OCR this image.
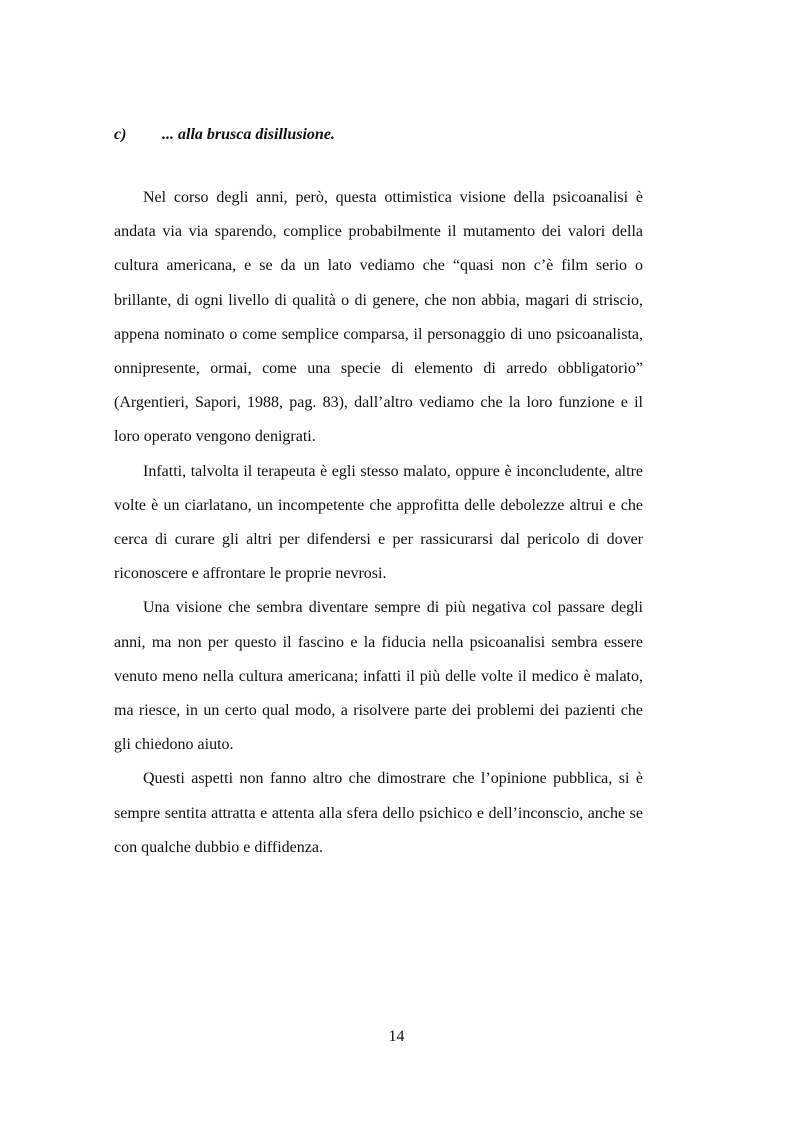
c) ... alla brusca disillusione.

Nel corso degli anni, però, questa ottimistica visione della psicoanalisi è andata via via sparendo, complice probabilmente il mutamento dei valori della cultura americana, e se da un lato vediamo che “quasi non c’è film serio o brillante, di ogni livello di qualità o di genere, che non abbia, magari di striscio, appena nominato o come semplice comparsa, il personaggio di uno psicoanalista, onnipresente, ormai, come una specie di elemento di arredo obbligatorio” (Argentieri, Sapori, 1988, pag. 83), dall’altro vediamo che la loro funzione e il loro operato vengono denigrati.

Infatti, talvolta il terapeuta è egli stesso malato, oppure è inconcludente, altre volte è un ciarlatano, un incompetente che approfitta delle debolezze altrui e che cerca di curare gli altri per difendersi e per rassicurarsi dal pericolo di dover riconoscere e affrontare le proprie nevrosi.

Una visione che sembra diventare sempre di più negativa col passare degli anni, ma non per questo il fascino e la fiducia nella psicoanalisi sembra essere venuto meno nella cultura americana; infatti il più delle volte il medico è malato, ma riesce, in un certo qual modo, a risolvere parte dei problemi dei pazienti che gli chiedono aiuto.

Questi aspetti non fanno altro che dimostrare che l’opinione pubblica, si è sempre sentita attratta e attenta alla sfera dello psichico e dell’inconscio, anche se con qualche dubbio e diffidenza.

14
